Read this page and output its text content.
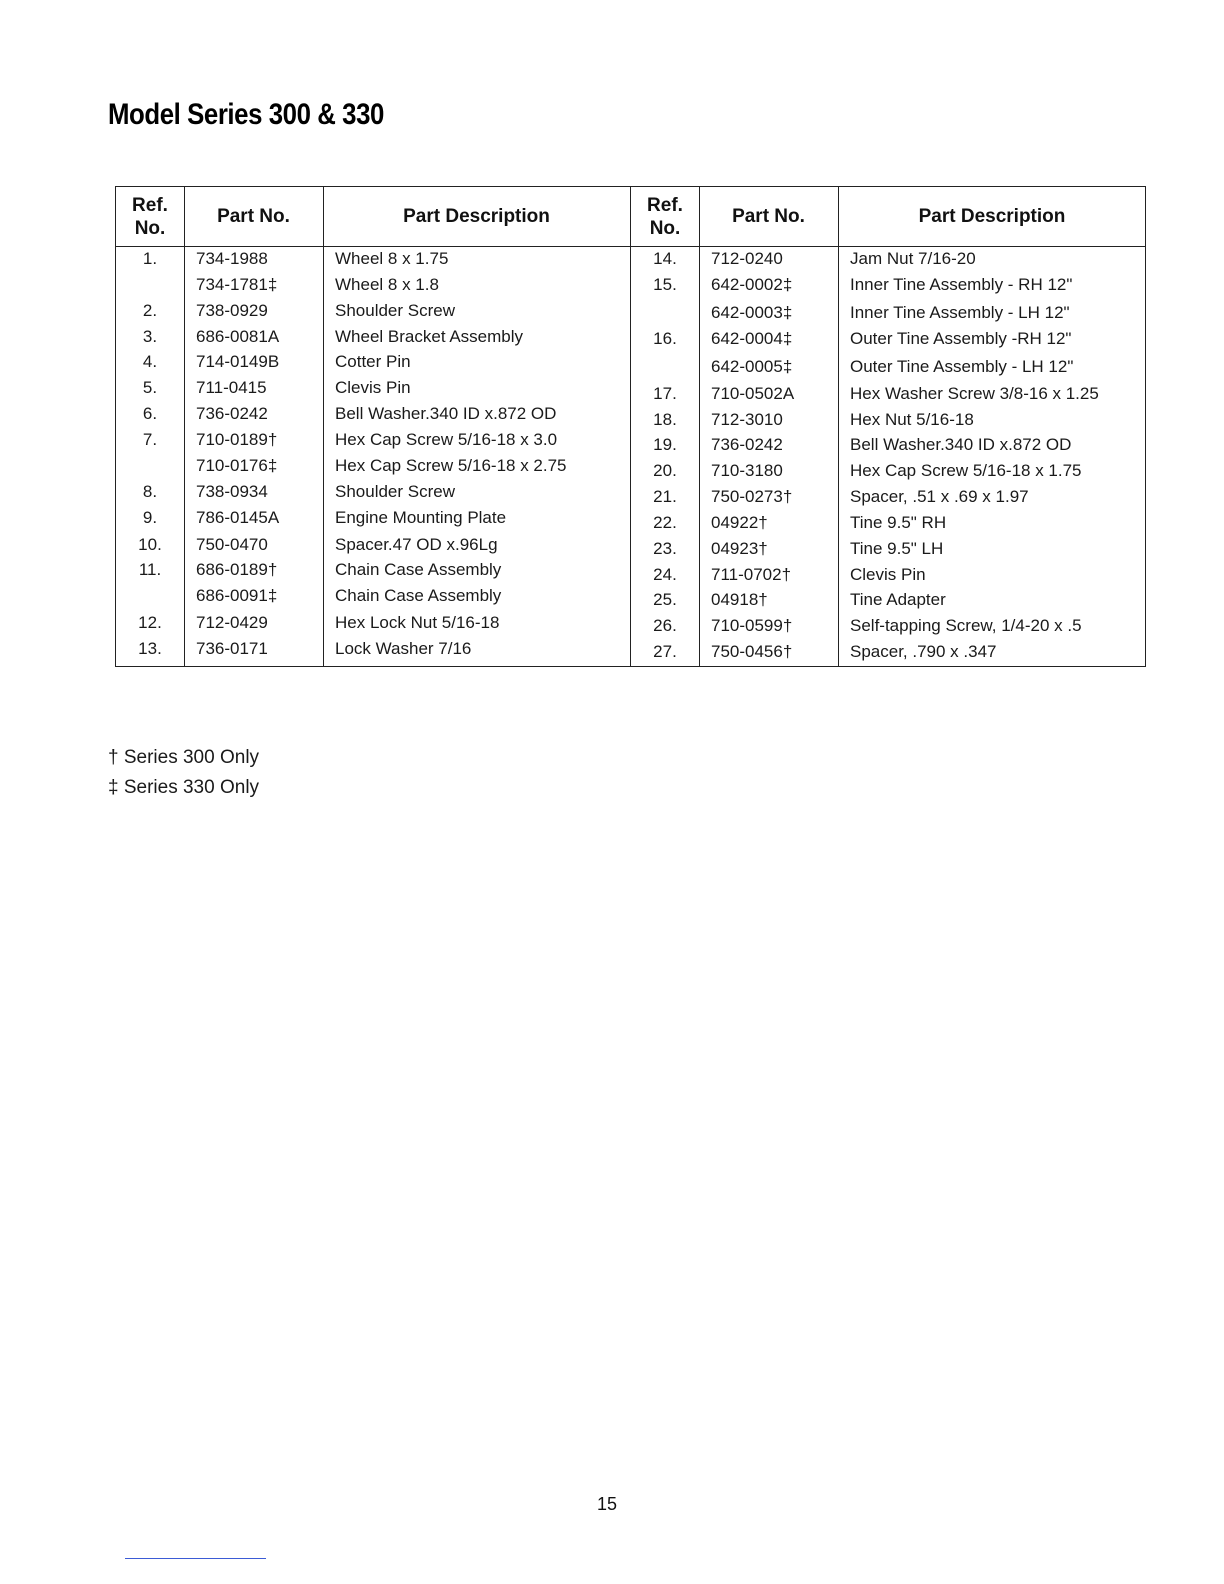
Model Series 300 & 330
Ref.
No.
Part No.	Part Description
1.	734-1988	Wheel 8 x 1.75
734-1781‡	Wheel 8 x 1.8
2.	738-0929	Shoulder Screw
3.	686-0081A	Wheel Bracket Assembly
4.	714-0149B	Cotter Pin
5.	711-0415	Clevis Pin
6.	736-0242	Bell Washer.340 ID x.872 OD
7.	710-0189†	Hex Cap Screw 5/16-18 x 3.0
710-0176‡	Hex Cap Screw 5/16-18 x 2.75
8.	738-0934	Shoulder Screw
9.	786-0145A	Engine Mounting Plate
10.	750-0470	Spacer.47 OD x.96Lg
11.	686-0189†	Chain Case Assembly
686-0091‡	Chain Case Assembly
12.	712-0429	Hex Lock Nut 5/16-18
13.	736-0171	Lock Washer 7/16
Ref.
No.
Part No.	Part Description
14.	712-0240	Jam Nut 7/16-20
15.	642-0002‡	Inner Tine Assembly - RH 12"
642-0003‡	Inner Tine Assembly - LH 12"
16.	642-0004‡	Outer Tine Assembly -RH 12"
642-0005‡	Outer Tine Assembly - LH 12"
17.	710-0502A	Hex Washer Screw 3/8-16 x 1.25
18.	712-3010	Hex Nut 5/16-18
19.	736-0242	Bell Washer.340 ID x.872 OD
20.	710-3180	Hex Cap Screw 5/16-18 x 1.75
21.	750-0273†	Spacer, .51 x .69 x 1.97
22.	04922†	Tine 9.5" RH
23.	04923†	Tine 9.5" LH
24.	711-0702†	Clevis Pin
25.	04918†	Tine Adapter
26.	710-0599†	Self-tapping Screw, 1/4-20 x .5
27.	750-0456†	Spacer, .790 x .347
† Series 300 Only
‡ Series 330 Only
15
